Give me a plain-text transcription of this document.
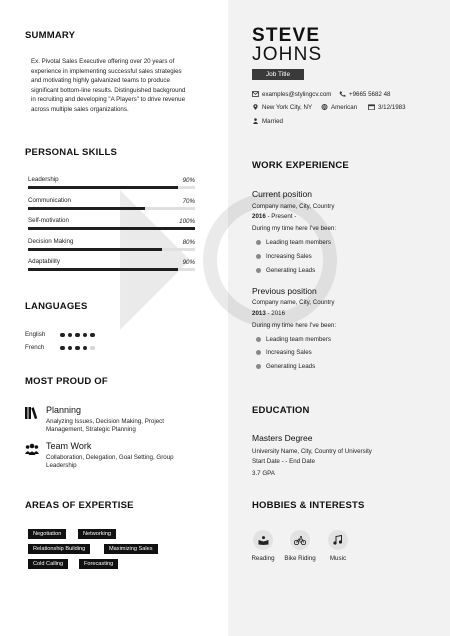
SUMMARY
Ex. Pivotal Sales Executive offering over 20 years of
experience in implementing successful sales strategies
and motivating highly galvanized teams to produce
significant bottom-line results. Distinguished background
in recruiting and developing "A Players" to drive revenue
across multiple sales organizations.
PERSONAL SKILLS
Leadership	90%
Communication	70%
Self-motivation	100%
Decision Making	80%
Adaptability	90%
LANGUAGES
English
French
MOST PROUD OF
Planning
Analyzing Issues, Decision Making, Project
Management, Strategic Planning
Team Work
Collaboration, Delegation, Goal Setting, Group
Leadership
AREAS OF EXPERTISE
Negotiation	Networking
Relationship Building	Maximizing Sales
Cold Calling	Forecasting
STEVE
JOHNS
Job Title
examples@stylingcv.com	+9665 5682 48
New York City, NY	American	3/12/1983
Married
WORK EXPERIENCE
Current position
Company name, City, Country
2016 - Present -
During my time here I've been:
Leading team members
Increasing Sales
Generating Leads
Previous position
Company name, City, Country
2013 - 2016
During my time here I've been:
Leading team members
Increasing Sales
Generating Leads
EDUCATION
Masters Degree
University Name, City, Country of University
Start Date - - End Date
3.7 GPA
HOBBIES & INTERESTS
Reading	Bike Riding	Music
